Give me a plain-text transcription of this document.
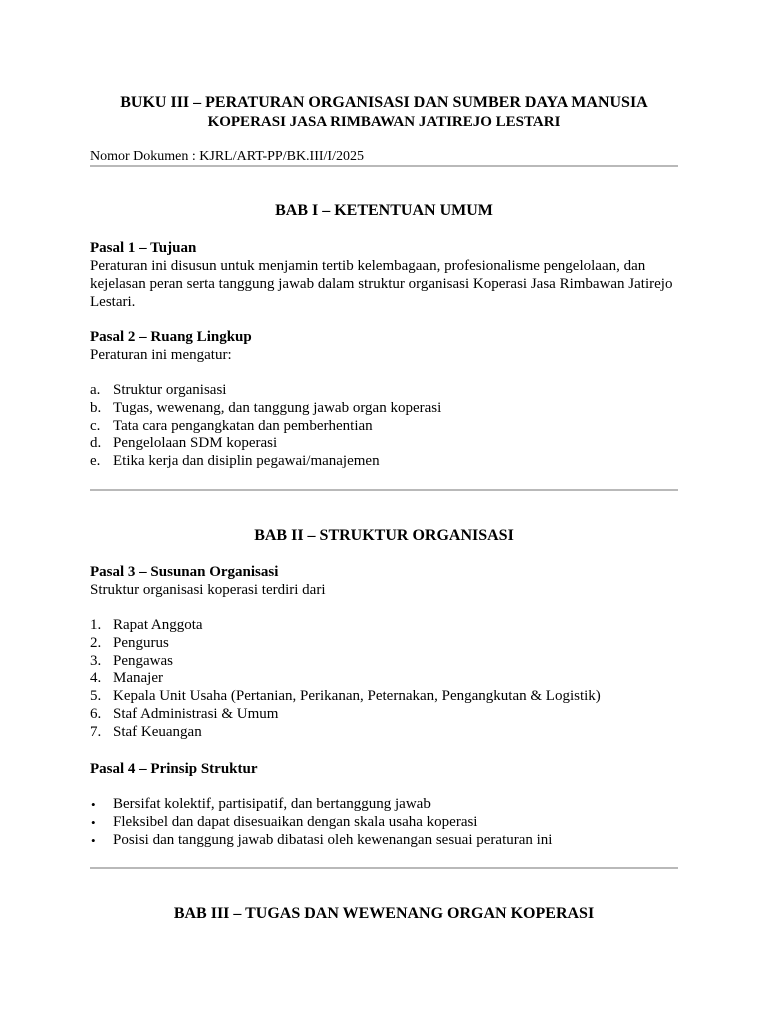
BUKU III – PERATURAN ORGANISASI DAN SUMBER DAYA MANUSIA
KOPERASI JASA RIMBAWAN JATIREJO LESTARI
Nomor Dokumen : KJRL/ART-PP/BK.III/I/2025
BAB I – KETENTUAN UMUM
Pasal 1 – Tujuan
Peraturan ini disusun untuk menjamin tertib kelembagaan, profesionalisme pengelolaan, dan kejelasan peran serta tanggung jawab dalam struktur organisasi Koperasi Jasa Rimbawan Jatirejo Lestari.
Pasal 2 – Ruang Lingkup
Peraturan ini mengatur:
a. Struktur organisasi
b. Tugas, wewenang, dan tanggung jawab organ koperasi
c. Tata cara pengangkatan dan pemberhentian
d. Pengelolaan SDM koperasi
e. Etika kerja dan disiplin pegawai/manajemen
BAB II – STRUKTUR ORGANISASI
Pasal 3 – Susunan Organisasi
Struktur organisasi koperasi terdiri dari
1. Rapat Anggota
2. Pengurus
3. Pengawas
4. Manajer
5. Kepala Unit Usaha (Pertanian, Perikanan, Peternakan, Pengangkutan & Logistik)
6. Staf Administrasi & Umum
7. Staf Keuangan
Pasal 4 – Prinsip Struktur
• Bersifat kolektif, partisipatif, dan bertanggung jawab
• Fleksibel dan dapat disesuaikan dengan skala usaha koperasi
• Posisi dan tanggung jawab dibatasi oleh kewenangan sesuai peraturan ini
BAB III – TUGAS DAN WEWENANG ORGAN KOPERASI
